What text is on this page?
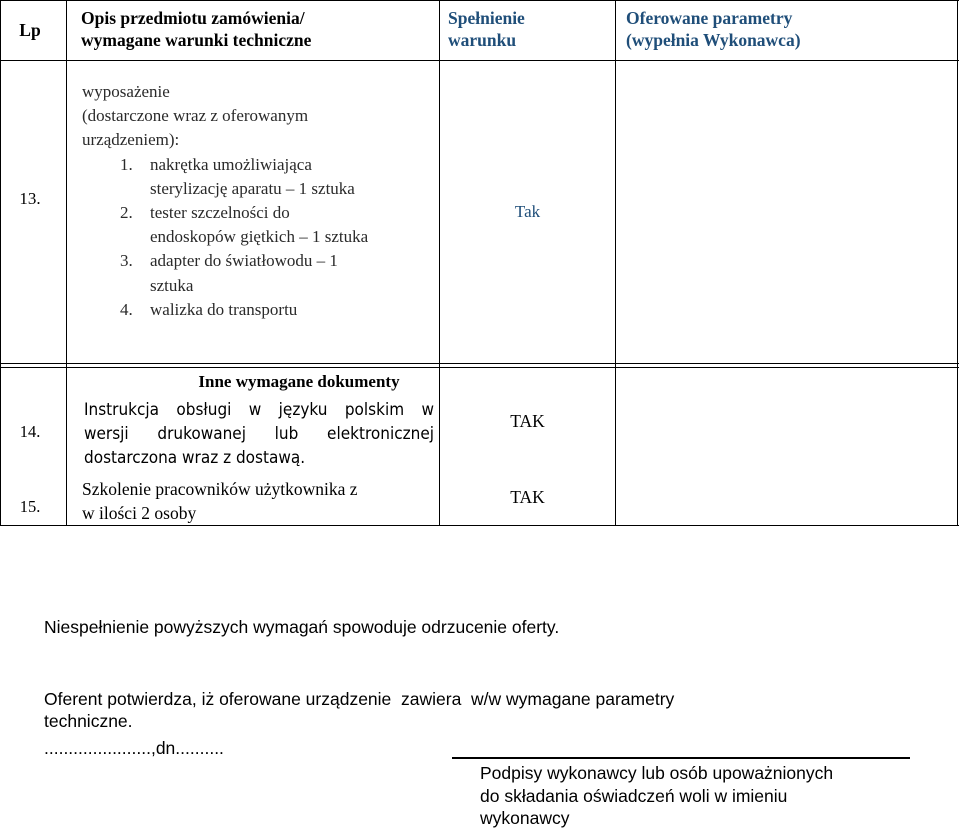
Lp
Opis przedmiotu zamówienia/
wymagane warunki techniczne
Spełnienie
warunku
Oferowane parametry
(wypełnia Wykonawca)
13.
wyposażenie
(dostarczone wraz z oferowanym
urządzeniem):
1. nakrętka umożliwiająca
sterylizację aparatu – 1 sztuka
2. tester szczelności do
endoskopów giętkich – 1 sztuka
3. adapter do światłowodu – 1
sztuka
4. walizka do transportu
Tak
Inne wymagane dokumenty
14.
Instrukcja obsługi w języku polskim w
wersji drukowanej lub elektronicznej
dostarczona wraz z dostawą.
TAK
15.
Szkolenie pracowników użytkownika z
w ilości 2 osoby
TAK
Niespełnienie powyższych wymagań spowoduje odrzucenie oferty.
Oferent potwierdza, iż oferowane urządzenie  zawiera  w/w wymagane parametry
techniczne.
......................,dn..........
Podpisy wykonawcy lub osób upoważnionych
do składania oświadczeń woli w imieniu
wykonawcy
